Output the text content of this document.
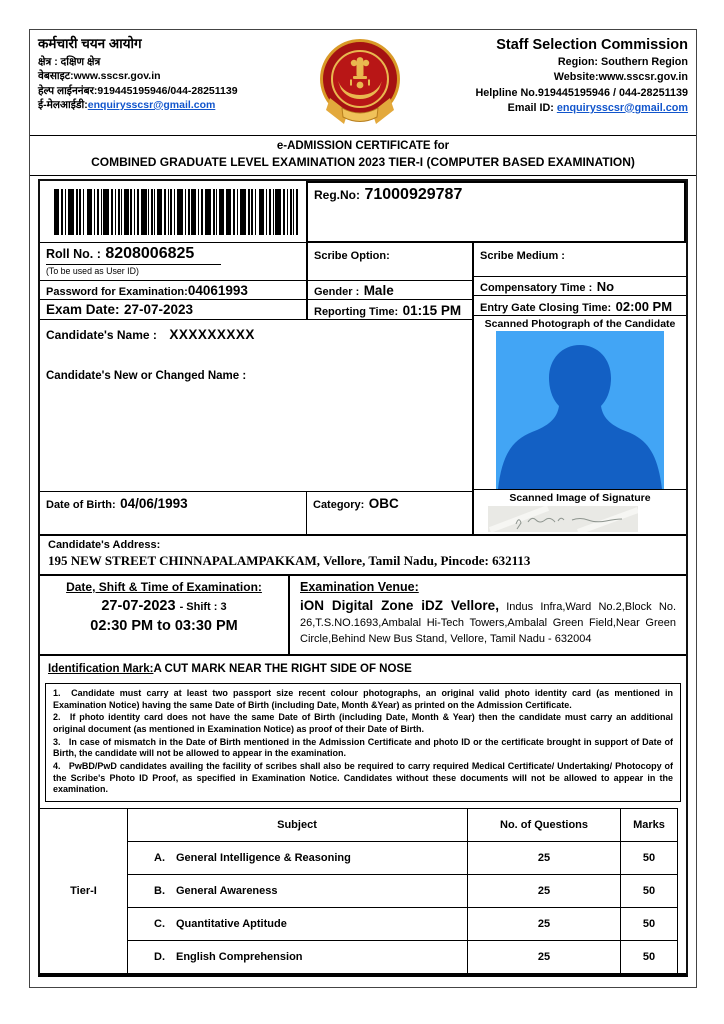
कर्मचारी चयन आयोग
क्षेत्र : दक्षिण क्षेत्र
वेबसाइट:www.sscsr.gov.in
हेल्प लाईननंबर:919445195946/044-28251139
ई-मेलआईडी:enquirysscsr@gmail.com
Staff Selection Commission
Region: Southern Region
Website:www.sscsr.gov.in
Helpline No.919445195946 / 044-28251139
Email ID: enquirysscsr@gmail.com
e-ADMISSION CERTIFICATE for
COMBINED GRADUATE LEVEL EXAMINATION 2023 TIER-I (COMPUTER BASED EXAMINATION)
Reg.No: 71000929787
Roll No. : 8208006825
(To be used as User ID)
Scribe Option:
Password for Examination:04061993	Gender : Male
Exam Date: 27-07-2023	Reporting Time: 01:15 PM
Candidate's Name : XXXXXXXXX
Candidate's New or Changed Name :
Date of Birth: 04/06/1993	Category: OBC
Scribe Medium :
Compensatory Time : No
Entry Gate Closing Time: 02:00 PM
Scanned Photograph of the Candidate
Scanned Image of Signature
Candidate's Address:
195 NEW STREET CHINNAPALAMPAKKAM, Vellore, Tamil Nadu, Pincode: 632113
Date, Shift & Time of Examination:
27-07-2023 - Shift : 3
02:30 PM to 03:30 PM
Examination Venue:
iON Digital Zone iDZ Vellore, Indus Infra,Ward No.2,Block No. 26,T.S.NO.1693,Ambalal Hi-Tech Towers,Ambalal Green Field,Near Green Circle,Behind New Bus Stand, Vellore, Tamil Nadu - 632004
Identification Mark:A CUT MARK NEAR THE RIGHT SIDE OF NOSE
1. Candidate must carry at least two passport size recent colour photographs, an original valid photo identity card (as mentioned in Examination Notice) having the same Date of Birth (including Date, Month &Year) as printed on the Admission Certificate.
2. If photo identity card does not have the same Date of Birth (including Date, Month & Year) then the candidate must carry an additional original document (as mentioned in Examination Notice) as proof of their Date of Birth.
3. In case of mismatch in the Date of Birth mentioned in the Admission Certificate and photo ID or the certificate brought in support of Date of Birth, the candidate will not be allowed to appear in the examination.
4. PwBD/PwD candidates availing the facility of scribes shall also be required to carry required Medical Certificate/ Undertaking/ Photocopy of the Scribe's Photo ID Proof, as specified in Examination Notice. Candidates without these documents will not be allowed to appear in the examination.
Tier-I	Subject	No. of Questions	Marks
	A. General Intelligence & Reasoning	25	50
	B. General Awareness	25	50
	C. Quantitative Aptitude	25	50
	D. English Comprehension	25	50
